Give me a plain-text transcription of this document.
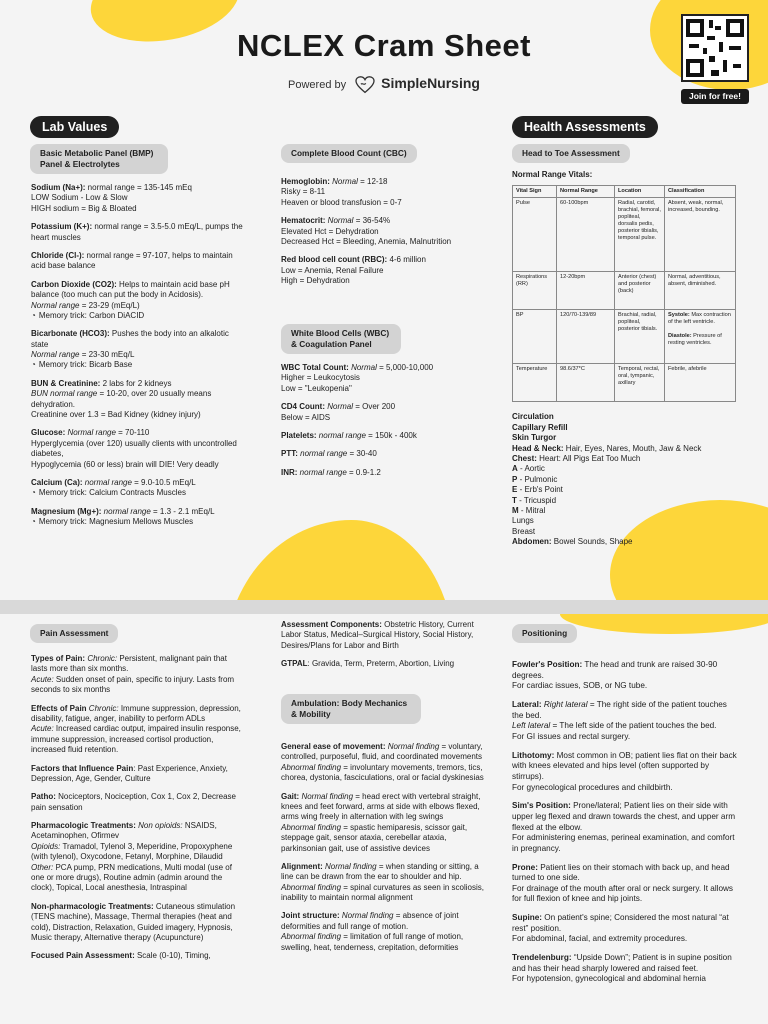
NCLEX Cram Sheet
Powered by	SimpleNursing
Join for free!
Lab Values
Basic Metabolic Panel (BMP) Panel & Electrolytes

Sodium (Na+): normal range = 135-145 mEq
LOW Sodium - Low & Slow
HIGH sodium = Big & Bloated

Potassium (K+): normal range = 3.5-5.0 mEq/L, pumps the heart muscles

Chloride (Cl-): normal range = 97-107, helps to maintain acid base balance

Carbon Dioxide (CO2): Helps to maintain acid base pH balance (too much can put the body in Acidosis).
Normal range = 23-29 (mEq/L)
◔ Memory trick: Carbon DiACID

Bicarbonate (HCO3): Pushes the body into an alkalotic state
Normal range = 23-30 mEq/L
◔ Memory trick: Bicarb Base

BUN & Creatinine: 2 labs for 2 kidneys
BUN normal range = 10-20, over 20 usually means dehydration.
Creatinine over 1.3 = Bad Kidney (kidney injury)

Glucose: Normal range = 70-110
Hyperglycemia (over 120) usually clients with uncontrolled diabetes,
Hypoglycemia (60 or less) brain will DIE! Very deadly

Calcium (Ca): normal range = 9.0-10.5 mEq/L
◔ Memory trick: Calcium Contracts Muscles

Magnesium (Mg+): normal range = 1.3 - 2.1 mEq/L
◔ Memory trick: Magnesium Mellows Muscles

Complete Blood Count (CBC)

Hemoglobin: Normal = 12-18
Risky = 8-11
Heaven or blood transfusion = 0-7

Hematocrit: Normal = 36-54%
Elevated Hct = Dehydration
Decreased Hct = Bleeding, Anemia, Malnutrition

Red blood cell count (RBC): 4-6 million
Low = Anemia, Renal Failure
High = Dehydration

White Blood Cells (WBC) & Coagulation Panel

WBC Total Count: Normal = 5,000-10,000
Higher = Leukocytosis
Low = "Leukopenia"

CD4 Count: Normal = Over 200
Below = AIDS

Platelets: normal range = 150k - 400k

PTT: normal range = 30-40

INR: normal range = 0.9-1.2

Health Assessments
Head to Toe Assessment
Normal Range Vitals:
Vital Sign	Normal Range	Location	Classification
Pulse	60-100bpm	Radial, carotid, brachial, femoral, popliteal, dorsalis pedis, posterior tibialis, temporal pulse.	Absent, weak, normal, increased, bounding.
Respirations (RR)	12-20bpm	Anterior (chest) and posterior (back)	Normal, adventitious, absent, diminished.
BP	120/70-139/89	Brachial, radial, popliteal, posterior tibials.	Systole: Max contraction of the left ventricle.

Diastole: Pressure of resting ventricles.
Temperature	98.6/37*C	Temporal, rectal, oral, tympanic, axillary	Febrile, afebrile
Circulation
Capillary Refill
Skin Turgor
Head & Neck: Hair, Eyes, Nares, Mouth, Jaw & Neck
Chest: Heart: All Pigs Eat Too Much
A - Aortic
P - Pulmonic
E - Erb's Point
T - Tricuspid
M - Mitral
Lungs
Breast
Abdomen: Bowel Sounds, Shape
Pain Assessment

Types of Pain: Chronic: Persistent, malignant pain that lasts more than six months.
Acute: Sudden onset of pain, specific to injury. Lasts from seconds to six months

Effects of Pain Chronic: Immune suppression, depression, disability, fatigue, anger, inability to perform ADLs
Acute: Increased cardiac output, impaired insulin response, immune suppression, increased cortisol production, increased fluid retention.

Factors that Influence Pain: Past Experience, Anxiety, Depression, Age, Gender, Culture

Patho: Nociceptors, Nociception, Cox 1, Cox 2, Decrease pain sensation

Pharmacologic Treatments: Non opioids: NSAIDS, Acetaminophen, Ofirmev
Opioids: Tramadol, Tylenol 3, Meperidine, Propoxyphene (with tylenol), Oxycodone, Fetanyl, Morphine, Dilaudid
Other: PCA pump, PRN medications, Multi modal (use of one or more drugs), Routine admin (admin around the clock), Topical, Local anesthesia, Intraspinal

Non-pharmacologic Treatments: Cutaneous stimulation (TENS machine), Massage, Thermal therapies (heat and cold), Distraction, Relaxation, Guided imagery, Hypnosis, Music therapy, Alternative therapy (Acupuncture)

Focused Pain Assessment: Scale (0-10), Timing,

Assessment Components: Obstetric History, Current Labor Status, Medical–Surgical History, Social History, Desires/Plans for Labor and Birth

GTPAL: Gravida, Term, Preterm, Abortion, Living

Ambulation: Body Mechanics & Mobility

General ease of movement: Normal finding = voluntary, controlled, purposeful, fluid, and coordinated movements
Abnormal finding = involuntary movements, tremors, tics, chorea, dystonia, fasciculations, oral or facial dyskinesias

Gait: Normal finding = head erect with vertebral straight, knees and feet forward, arms at side with elbows flexed, arms wing freely in alternation with leg swings
Abnormal finding = spastic hemiparesis, scissor gait, steppage gait, sensor ataxia, cerebellar ataxia, parkinsonian gait, use of assistive devices

Alignment: Normal finding = when standing or sitting, a line can be drawn from the ear to shoulder and hip.
Abnormal finding = spinal curvatures as seen in scoliosis, inability to maintain normal alignment

Joint structure: Normal finding = absence of joint deformities and full range of motion.
Abnormal finding = limitation of full range of motion, swelling, heat, tenderness, crepitation, deformities

Positioning

Fowler's Position: The head and trunk are raised 30-90 degrees.
For cardiac issues, SOB, or NG tube.

Lateral: Right lateral = The right side of the patient touches the bed.
Left lateral = The left side of the patient touches the bed.
For GI issues and rectal surgery.

Lithotomy: Most common in OB; patient lies flat on their back with knees elevated and hips level (often supported by stirrups).
For gynecological procedures and childbirth.

Sim's Position: Prone/lateral; Patient lies on their side with upper leg flexed and drawn towards the chest, and upper arm flexed at the elbow.
For administering enemas, perineal examination, and comfort in pregnancy.

Prone: Patient lies on their stomach with back up, and head turned to one side.
For drainage of the mouth after oral or neck surgery. It allows for full flexion of knee and hip joints.

Supine: On patient's spine; Considered the most natural “at rest” position.
For abdominal, facial, and extremity procedures.

Trendelenburg: “Upside Down”; Patient is in supine position and has their head sharply lowered and raised feet.
For hypotension, gynecological and abdominal hernia
